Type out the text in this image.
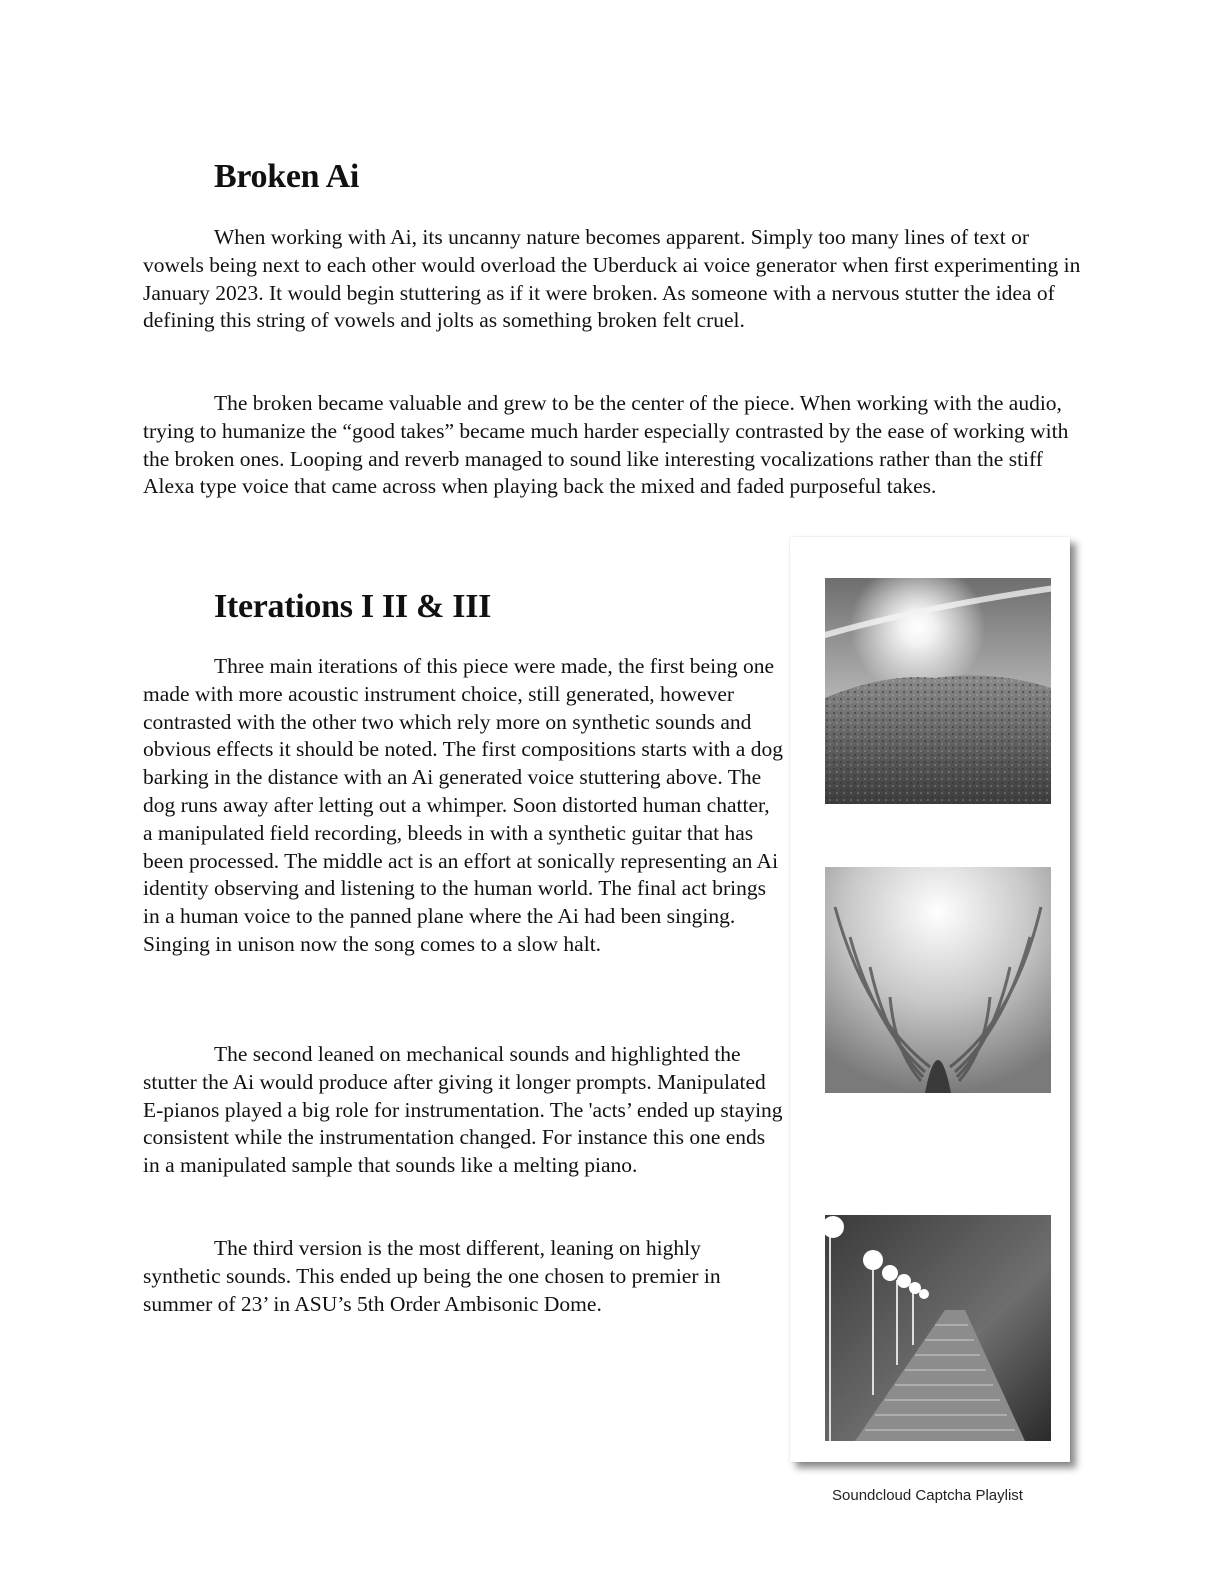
Broken Ai

When working with Ai, its uncanny nature becomes apparent. Simply too many lines of text or vowels being next to each other would overload the Uberduck ai voice generator when first experimenting in January 2023. It would begin stuttering as if it were broken. As someone with a nervous stutter the idea of defining this string of vowels and jolts as something broken felt cruel.

The broken became valuable and grew to be the center of the piece. When working with the audio, trying to humanize the “good takes” became much harder especially contrasted by the ease of working with the broken ones. Looping and reverb managed to sound like interesting vocalizations rather than the stiff Alexa type voice that came across when playing back the mixed and faded purposeful takes.

Iterations I II & III

Three main iterations of this piece were made, the first being one made with more acoustic instrument choice, still generated, however contrasted with the other two which rely more on synthetic sounds and obvious effects it should be noted. The first compositions starts with a dog barking in the distance with an Ai generated voice stuttering above. The dog runs away after letting out a whimper. Soon distorted human chatter, a manipulated field recording, bleeds in with a synthetic guitar that has been processed. The middle act is an effort at sonically representing an Ai identity observing and listening to the human world. The final act brings in a human voice to the panned plane where the Ai had been singing. Singing in unison now the song comes to a slow halt.

The second leaned on mechanical sounds and highlighted the stutter the Ai would produce after giving it longer prompts. Manipulated E-pianos played a big role for instrumentation. The 'acts’ ended up staying consistent while the instrumentation changed. For instance this one ends in a manipulated sample that sounds like a melting piano.

The third version is the most different, leaning on highly synthetic sounds. This ended up being the one chosen to premier in summer of 23’ in ASU’s 5th Order Ambisonic Dome.

Soundcloud Captcha Playlist
